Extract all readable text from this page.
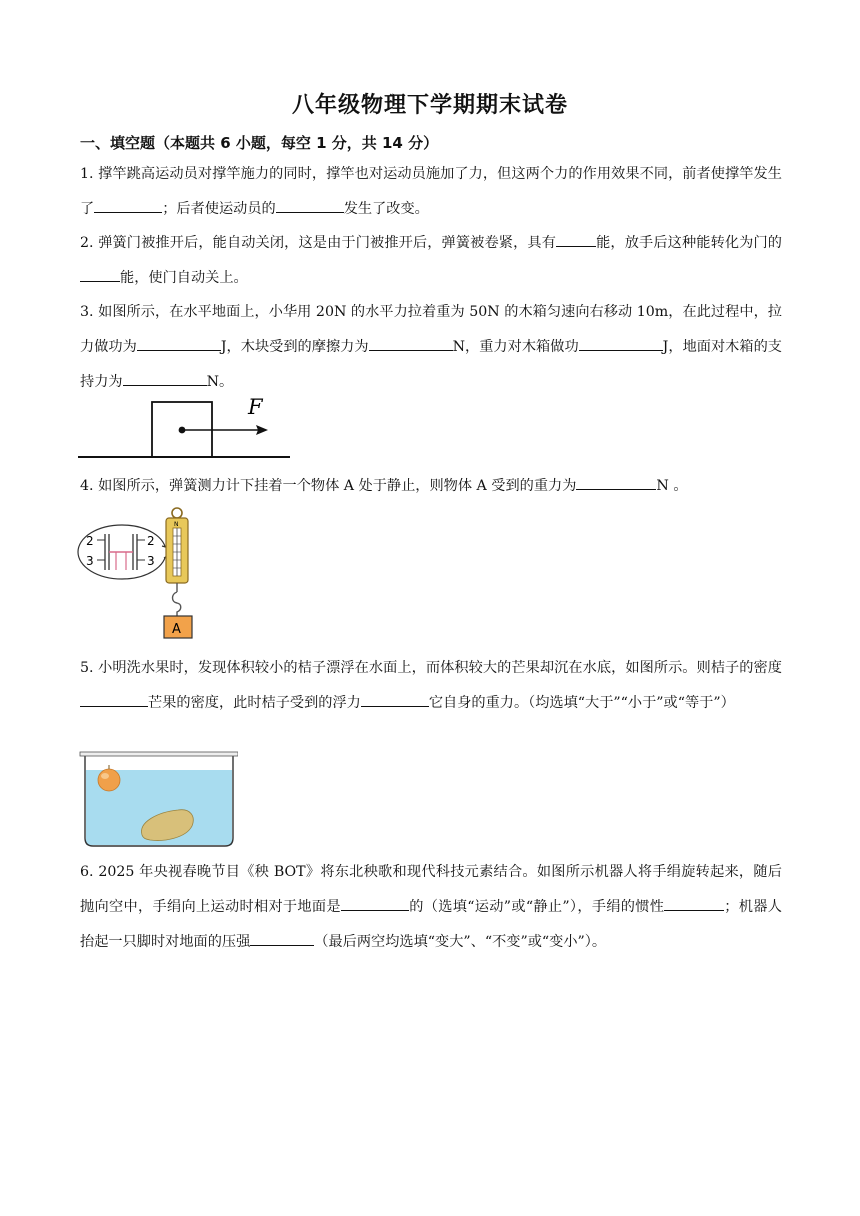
八年级物理下学期期末试卷
一、填空题（本题共 6 小题，每空 1 分，共 14 分）
1. 撑竿跳高运动员对撑竿施力的同时，撑竿也对运动员施加了力，但这两个力的作用效果不同，前者使撑竿发生了	；后者使运动员的	发生了改变。
2. 弹簧门被推开后，能自动关闭，这是由于门被推开后，弹簧被卷紧，具有	能，放手后这种能转化为门的能，使门自动关上。
3. 如图所示，在水平地面上，小华用 20N 的水平力拉着重为 50N 的木箱匀速向右移动 10m，在此过程中，拉力做功为	J，木块受到的摩擦力为	N，重力对木箱做功	J，地面对木箱的支持力为	N。
F
4. 如图所示，弹簧测力计下挂着一个物体 A 处于静止，则物体 A 受到的重力为	N 。
2	2
3	3
N
A
5. 小明洗水果时，发现体积较小的桔子漂浮在水面上，而体积较大的芒果却沉在水底，如图所示。则桔子的密度芒果的密度，此时桔子受到的浮力	它自身的重力。（均选填“大于”“小于”或“等于”）
6. 2025 年央视春晚节目《秧 BOT》将东北秧歌和现代科技元素结合。如图所示机器人将手绢旋转起来，随后抛向空中，手绢向上运动时相对于地面是	的（选填“运动”或“静止”），手绢的惯性	；机器人抬起一只脚时对地面的压强	（最后两空均选填“变大”、“不变”或“变小”）。
